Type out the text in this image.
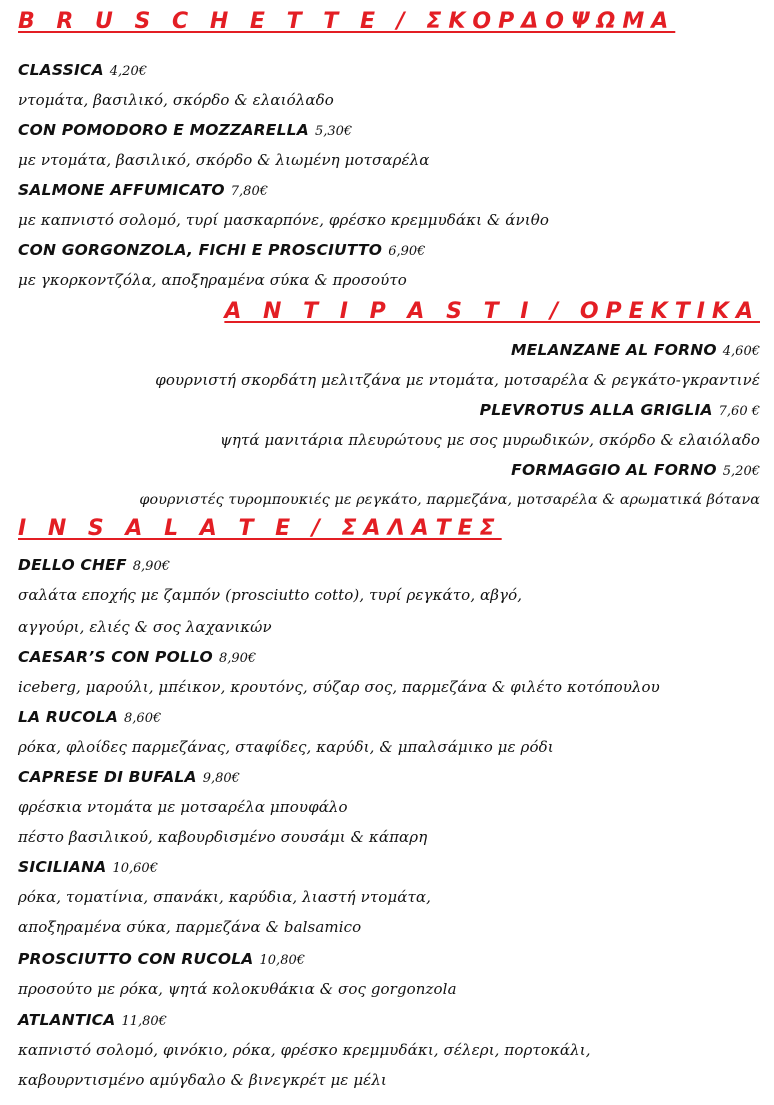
B R U S C H E T T E / ΣΚΟΡΔΟΨΩΜΑ
CLASSICA 4,20€
ντομάτα, βασιλικό, σκόρδο & ελαιόλαδο
CON POMODORO E MOZZARELLA 5,30€
με ντομάτα, βασιλικό, σκόρδο & λιωμένη μοτσαρέλα
SALMONE AFFUMICATO 7,80€
με καπνιστό σολομό, τυρί μασκαρπόνε, φρέσκο κρεμμυδάκι & άνιθο
CON GORGONZOLA, FICHI E PROSCIUTTO 6,90€
με γκορκοντζόλα, αποξηραμένα σύκα & προσούτο
A N T I P A S T I / OPEKTIKA
MELANZANE AL FORNO 4,60€
φουρνιστή σκορδάτη μελιτζάνα με ντομάτα, μοτσαρέλα & ρεγκάτο-γκραντινέ
PLEVROTUS ALLA GRIGLIA 7,60 €
ψητά μανιτάρια πλευρώτους με σος μυρωδικών, σκόρδο & ελαιόλαδο
FORMAGGIO AL FORNO 5,20€
φουρνιστές τυρομπουκιές με ρεγκάτο, παρμεζάνα, μοτσαρέλα & αρωματικά βότανα
I N S A L A T E / ΣΑΛΑΤΕΣ
DELLO CHEF 8,90€
σαλάτα εποχής με ζαμπόν (prosciutto cotto), τυρί ρεγκάτο, αβγό,
αγγούρι, ελιές & σος λαχανικών
CAESAR’S CON POLLO 8,90€
iceberg, μαρούλι, μπέικον, κρουτόνς, σύζαρ σος, παρμεζάνα & φιλέτο κοτόπουλου
LA RUCOLA 8,60€
ρόκα, φλοίδες παρμεζάνας, σταφίδες, καρύδι, & μπαλσάμικο με ρόδι
CAPRESE DI BUFALA 9,80€
φρέσκια ντομάτα με μοτσαρέλα μπουφάλο
πέστο βασιλικού, καβουρδισμένο σουσάμι & κάπαρη
SICILIANA 10,60€
ρόκα, τοματίνια, σπανάκι, καρύδια, λιαστή ντομάτα,
αποξηραμένα σύκα, παρμεζάνα & balsamico
PROSCIUTTO CON RUCOLA 10,80€
προσούτο με ρόκα, ψητά κολοκυθάκια & σος gorgonzola
ATLANTICA 11,80€
καπνιστό σολομό, φινόκιο, ρόκα, φρέσκο κρεμμυδάκι, σέλερι, πορτοκάλι,
καβουρντισμένο αμύγδαλο & βινεγκρέτ με μέλι
